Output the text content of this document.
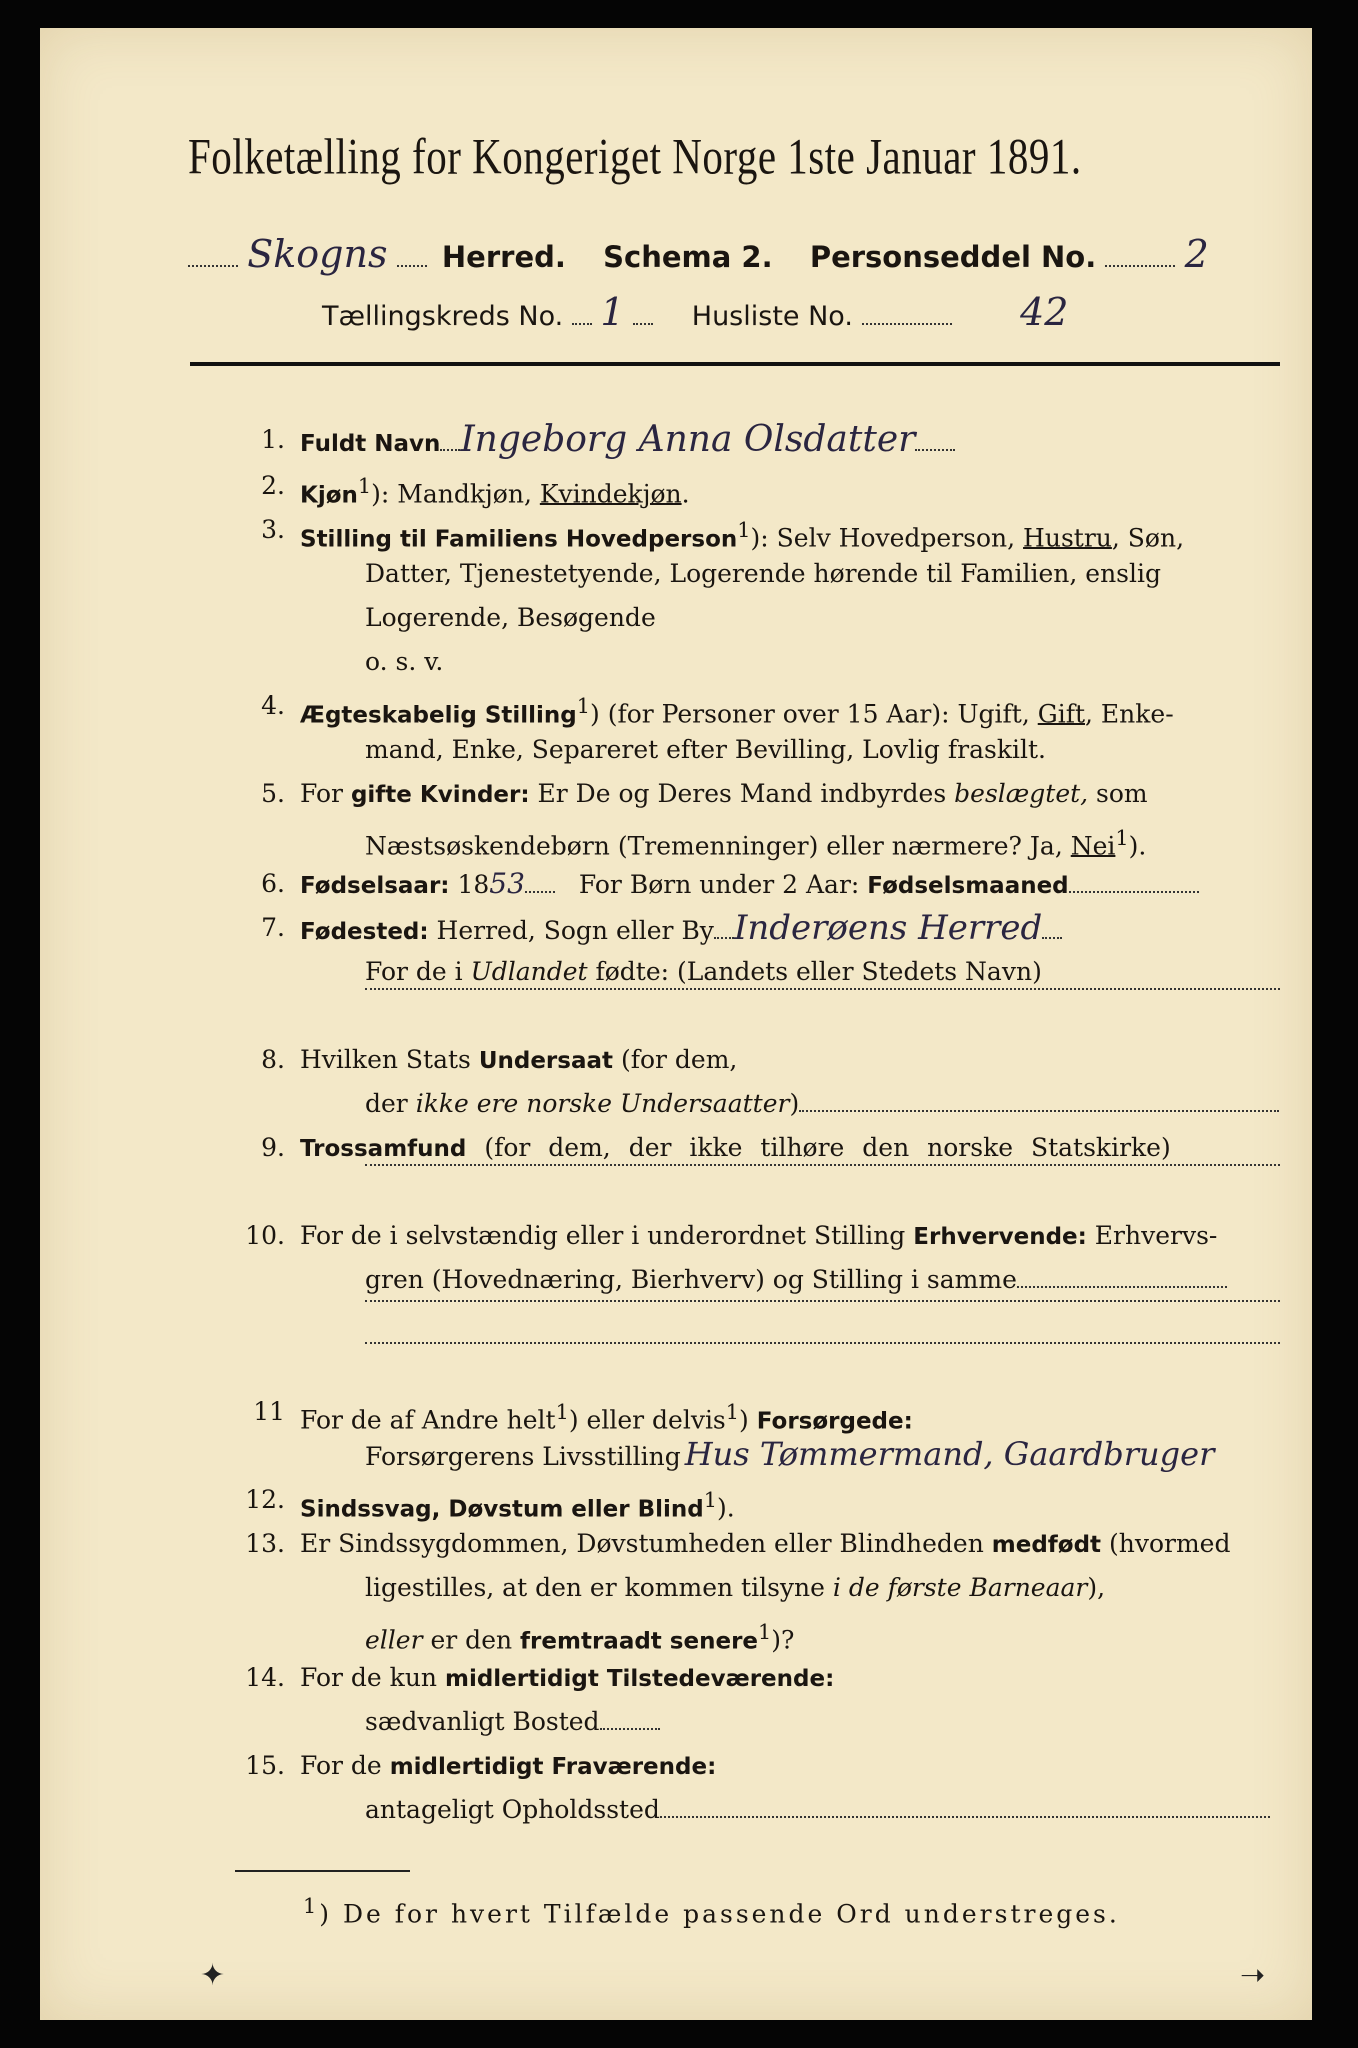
Folketælling for Kongeriget Norge 1ste Januar 1891.
Skogns Herred. Schema 2. Personseddel No. 2
Tællingskreds No. 1 Husliste No.	42
1. Fuldt Navn Ingeborg Anna Olsdatter
2. Kjøn$^1$): Mandkjøn, Kvindekjøn.
3. Stilling til Familiens Hovedperson$^1$): Selv Hovedperson, Hustru, Søn,
Datter, Tjenestetyende, Logerende hørende til Familien, enslig
Logerende, Besøgende
o. s. v.
4. Ægteskabelig Stilling$^1$) (for Personer over 15 Aar): Ugift, Gift, Enke-
mand, Enke, Separeret efter Bevilling, Lovlig fraskilt.
5. For gifte Kvinder: Er De og Deres Mand indbyrdes beslægtet, som
Næstsøskendebørn (Tremenninger) eller nærmere? Ja, Nei$^1$).
6. Fødselsaar: 1853 For Børn under 2 Aar: Fødselsmaaned
7. Fødested: Herred, Sogn eller By Inderøens Herred
For de i Udlandet fødte: (Landets eller Stedets Navn)
8. Hvilken Stats Undersaat (for dem,
der ikke ere norske Undersaatter)
9. Trossamfund (for dem, der ikke tilhøre den norske Statskirke)
10. For de i selvstændig eller i underordnet Stilling Erhvervende: Erhvervs-
gren (Hovednæring, Bierhverv) og Stilling i samme
11 For de af Andre helt$^1$) eller delvis$^1$) Forsørgede:
Forsørgerens Livsstilling Hus Tømmermand, Gaardbruger
12. Sindssvag, Døvstum eller Blind$^1$).
13. Er Sindssygdommen, Døvstumheden eller Blindheden medfødt (hvormed
ligestilles, at den er kommen tilsyne i de første Barneaar),
eller er den fremtraadt senere$^1$)?
14. For de kun midlertidigt Tilstedeværende:
sædvanligt Bosted
15. For de midlertidigt Fraværende:
antageligt Opholdssted
$^1$) De for hvert Tilfælde passende Ord understreges.
✦	➝
